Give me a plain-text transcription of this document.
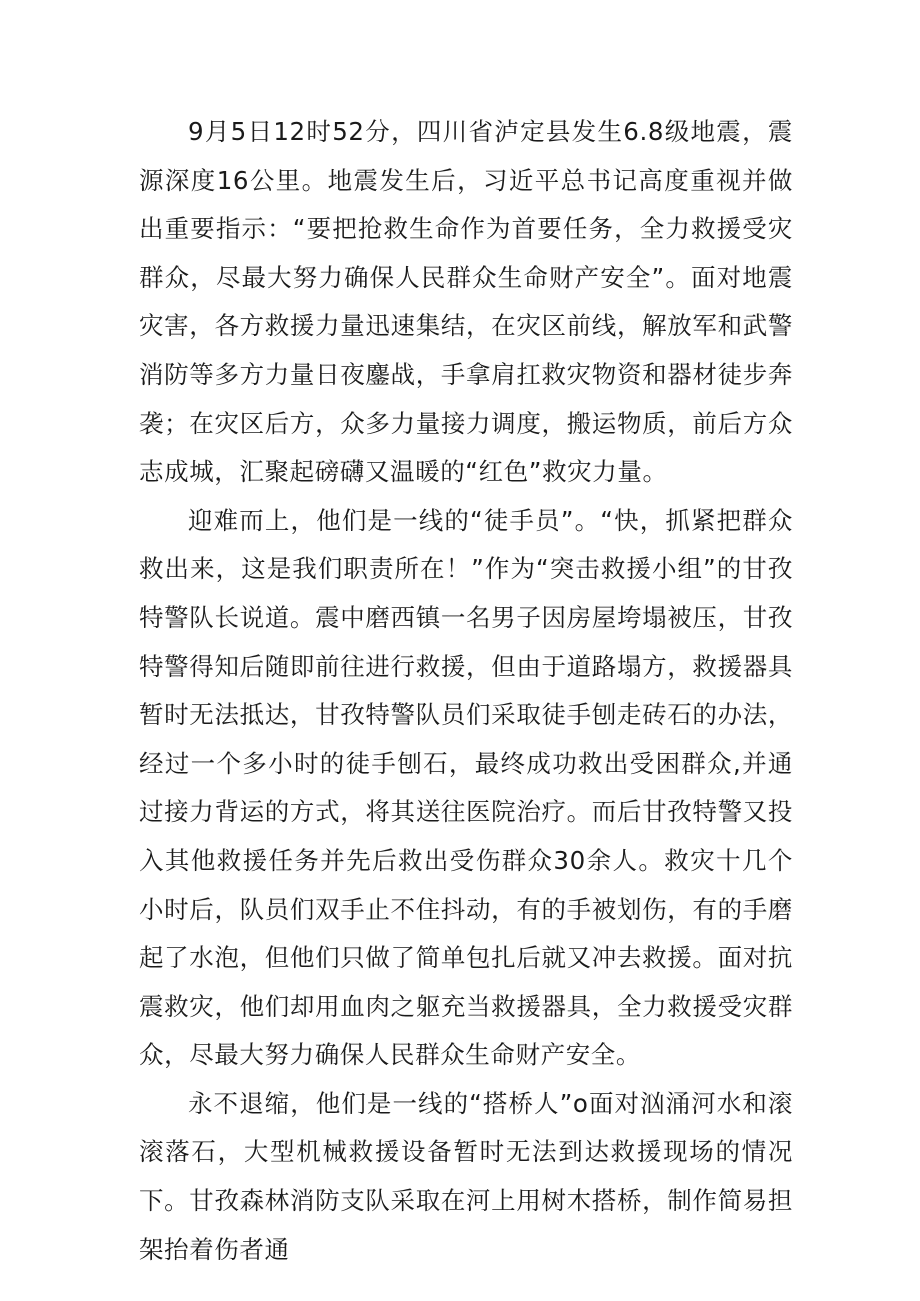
9月5日12时52分，四川省泸定县发生6.8级地震，震源深度16公里。地震发生后，习近平总书记高度重视并做出重要指示：“要把抢救生命作为首要任务，全力救援受灾群众，尽最大努力确保人民群众生命财产安全”。面对地震灾害，各方救援力量迅速集结，在灾区前线，解放军和武警消防等多方力量日夜鏖战，手拿肩扛救灾物资和器材徒步奔袭；在灾区后方，众多力量接力调度，搬运物质，前后方众志成城，汇聚起磅礴又温暖的“红色”救灾力量。

迎难而上，他们是一线的“徒手员”。“快，抓紧把群众救出来，这是我们职责所在！”作为“突击救援小组”的甘孜特警队长说道。震中磨西镇一名男子因房屋垮塌被压，甘孜特警得知后随即前往进行救援，但由于道路塌方，救援器具暂时无法抵达，甘孜特警队员们采取徒手刨走砖石的办法，经过一个多小时的徒手刨石，最终成功救出受困群众,并通过接力背运的方式，将其送往医院治疗。而后甘孜特警又投入其他救援任务并先后救出受伤群众30余人。救灾十几个小时后，队员们双手止不住抖动，有的手被划伤，有的手磨起了水泡，但他们只做了简单包扎后就又冲去救援。面对抗震救灾，他们却用血肉之躯充当救援器具，全力救援受灾群众，尽最大努力确保人民群众生命财产安全。

永不退缩，他们是一线的“搭桥人”o面对汹涌河水和滚滚落石，大型机械救援设备暂时无法到达救援现场的情况下。甘孜森林消防支队采取在河上用树木搭桥，制作简易担架抬着伤者通
